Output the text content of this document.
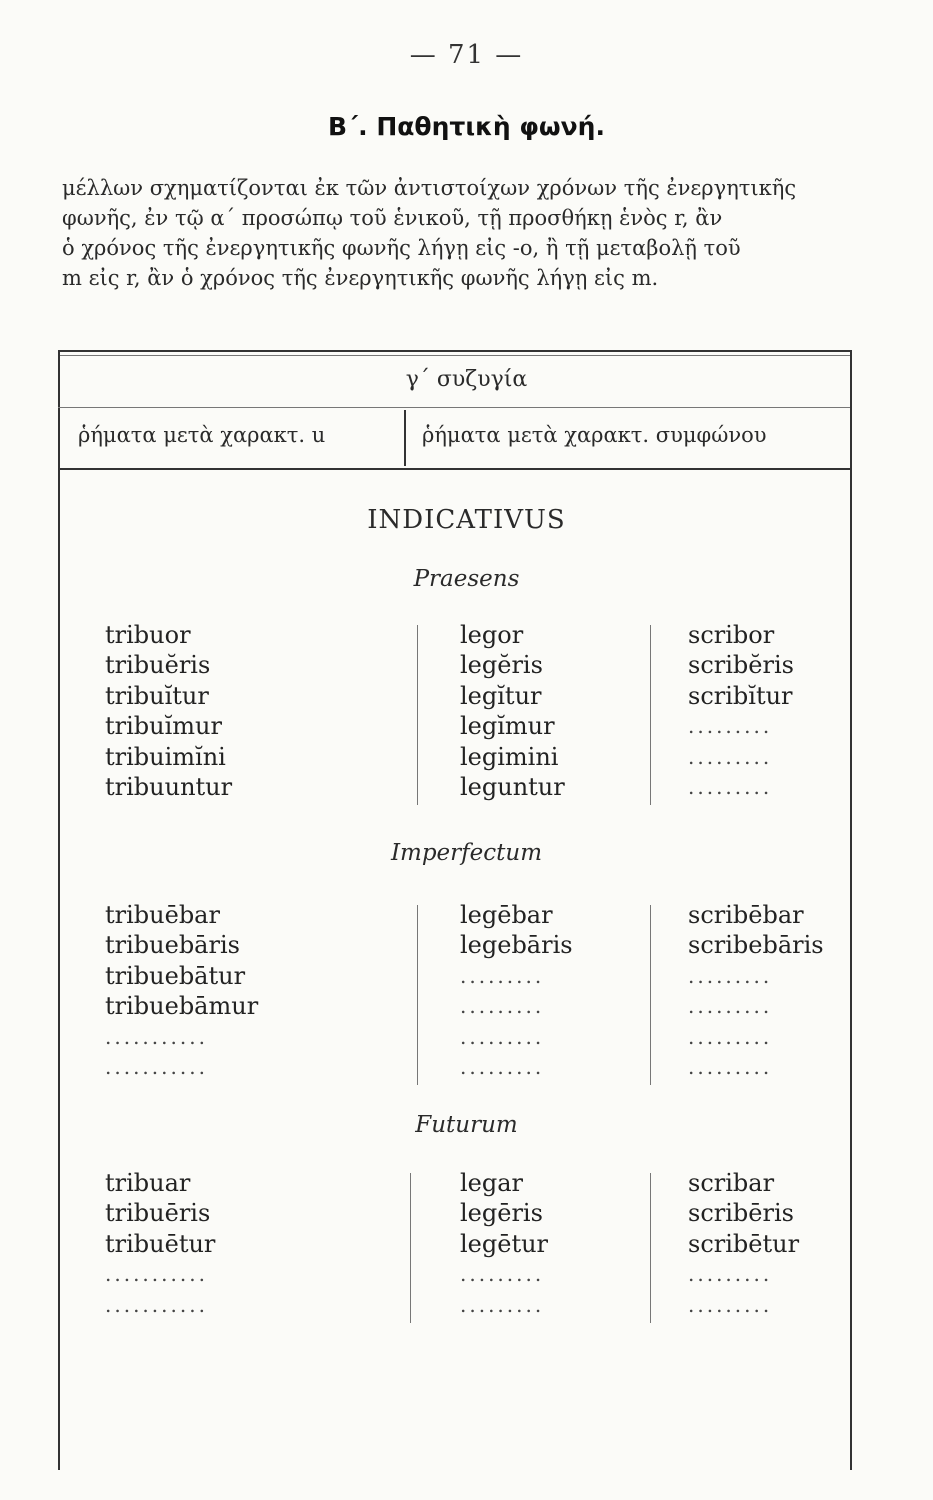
— 71 —
Β΄. Παθητικὴ φωνή.
μέλλων σχηματίζονται ἐκ τῶν ἀντιστοίχων χρόνων τῆς ἐνεργητικῆς
φωνῆς, ἐν τῷ α΄ προσώπῳ τοῦ ἑνικοῦ, τῇ προσθήκῃ ἑνὸς r, ἂν
ὁ χρόνος τῆς ἐνεργητικῆς φωνῆς λήγῃ εἰς -o, ἢ τῇ μεταβολῇ τοῦ
m εἰς r, ἂν ὁ χρόνος τῆς ἐνεργητικῆς φωνῆς λήγῃ εἰς m.
γ΄ συζυγία
ῥήματα μετὰ χαρακτ. u	ῥήματα μετὰ χαρακτ. συμφώνου
INDICATIVUS
Praesens
tribuor
tribuĕris
tribuĭtur
tribuĭmur
tribuimĭni
tribuuntur
legor
legĕris
legĭtur
legĭmur
legimini
leguntur
scribor
scribĕris
scribĭtur
.........
.........
.........
Imperfectum
tribuēbar
tribuebāris
tribuebātur
tribuebāmur
...........
...........
legēbar
legebāris
.........
.........
.........
.........
scribēbar
scribebāris
.........
.........
.........
.........
Futurum
tribuar
tribuēris
tribuētur
...........
...........
legar
legēris
legētur
.........
.........
scribar
scribēris
scribētur
.........
.........
